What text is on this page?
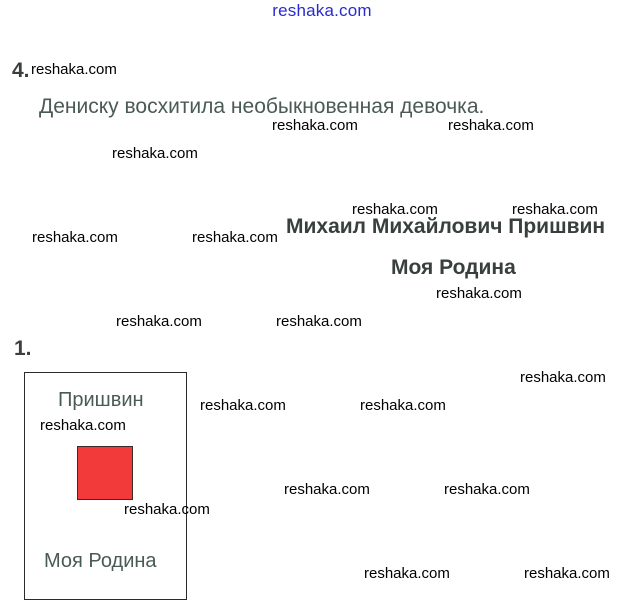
reshaka.com
4.
Дениску восхитила необыкновенная девочка.
Михаил Михайлович Пришвин
Моя Родина
1.
Пришвин
Моя Родина
reshaka.com
reshaka.com	reshaka.com
reshaka.com
reshaka.com	reshaka.com
reshaka.com	reshaka.com
reshaka.com
reshaka.com	reshaka.com
reshaka.com
reshaka.com	reshaka.com
reshaka.com
reshaka.com	reshaka.com
reshaka.com
reshaka.com	reshaka.com
